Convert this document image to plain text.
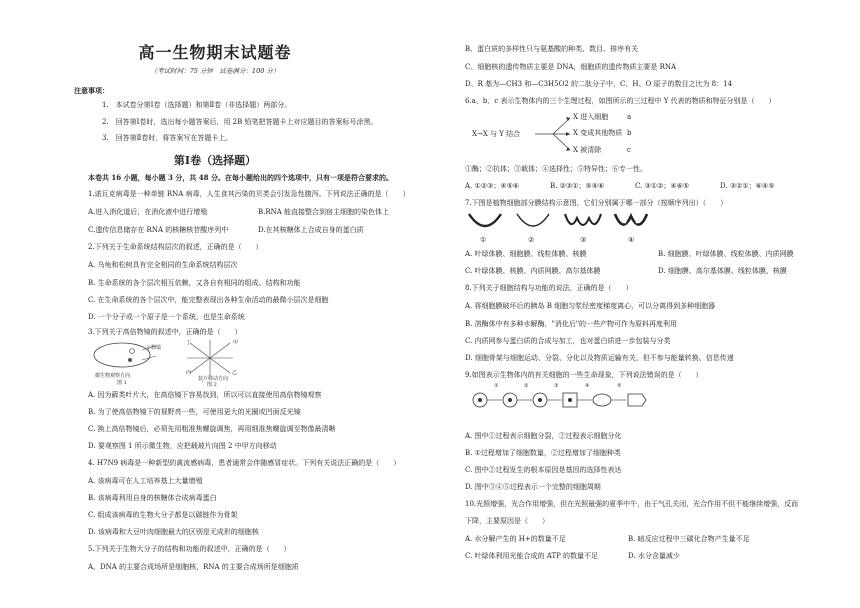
高一生物期末试题卷
（考试时间：75 分钟　试卷满分：100 分）
注意事项：
1.　本试卷分第Ⅰ卷（选择题）和第Ⅱ卷（非选择题）两部分。
2.　回答第Ⅰ卷时，选出每小题答案后，用 2B 铅笔把答题卡上对应题目的答案标号涂黑。
3.　回答第Ⅱ卷时，将答案写在答题卡上。
第Ⅰ卷（选择题）
本卷共 16 小题，每小题 3 分，共 48 分。在每小题给出的四个选项中，只有一项是符合要求的。
1.诺瓦克病毒是一种单链 RNA 病毒，人生食其污染的贝类会引发急性腹泻。下列说法正确的是（　　）
A.进入消化道后，在消化液中进行增殖	B.RNA 能直接整合到宿主细胞的染色体上
C.遗传信息储存在 RNA 的核糖核苷酸序列中	D.在其核糖体上合成自身的蛋白质
2.下列关于生命系统结构层次的叙述，正确的是（　　）
A. 乌龟和松树具有完全相同的生命系统结构层次
B. 生命系统的各个层次相互依赖，又各自有相同的组成、结构和功能
C. 在生命系统的各个层次中，能完整表现出各种生命活动的最微小层次是细胞
D. 一个分子或一个原子是一个系统，也是生命系统
3.下列关于高倍物镜的叙述中，正确的是（　　）
示物镜
微生物观察方向
图 1
甲
乙
丙
丁
装片移动方向
图 2
A. 因为藓类叶片大，在高倍镜下容易找到，所以可以直接使用高倍物镜观察
B. 为了使高倍物镜下的视野亮一些，可使用更大的光圈或凹面反光镜
C. 换上高倍物镜后，必须先用粗准焦螺旋调焦，再用细准焦螺旋调至物像最清晰
D. 要观察图 1 所示微生物，应把载玻片向图 2 中甲方向移动
4. H7N9 病毒是一种新型的禽流感病毒，患者通常会伴随感冒症状。下列有关说法正确的是（　　）
A. 该病毒可在人工培养基上大量增殖
B. 该病毒利用自身的核糖体合成病毒蛋白
C. 组成该病毒的生物大分子都是以碳链作为骨架
D. 该病毒和大豆叶肉细胞最大的区别是无成形的细胞核
5.下列关于生物大分子的结构和功能的叙述中，正确的是（　　）
A、DNA 的主要合成场所是细胞核，RNA 的主要合成场所是细胞质
B、蛋白质的多样性只与氨基酸的种类、数目、排序有关
C、细胞核的遗传物质主要是 DNA，细胞质的遗传物质主要是 RNA
D、R 基为—CH3 和—C3H5O2 的二肽分子中，C、H、O 原子的数目之比为 8：14
6.a、b、c 表示生物体内的三个生理过程，如图所示的三过程中 Y 代表的物质和特征分别是（　　）
X→X 与 Y 结合
X 进入细胞
X 变成其他物质
X 被清除
a
b
c
①酶；②抗体；③载体；④选择性；⑤特异性；⑥专一性。
A. ①②③；④⑤⑥	B. ②③①；⑤④⑥	C. ③①②；④⑥⑤	D. ③②①；⑥④⑤
7.下图是植物细胞部分膜结构示意图，它们分别属于哪一部分（按顺序列出）（　　）
①	②	③	④
A. 叶绿体膜、细胞膜、线粒体膜、核膜	B. 细胞膜、叶绿体膜、线粒体膜、内质网膜
C. 叶绿体膜、核膜、内质网膜、高尔基体膜	D. 细胞膜、高尔基体膜、线粒体膜、核膜
8.下列关于细胞结构与功能的说法，正确的是（　　）
A. 将细胞膜破坏后的胰岛 B 细胞匀浆经密度梯度离心，可以分离得到多种细胞器
B. 溶酶体中有多种水解酶，"消化后"的一些产物可作为原料再度利用
C. 内质网参与蛋白质的合成与加工，也对蛋白质进一步包装与分类
D. 细胞骨架与细胞运动、分裂、分化以及物质运输有关，但不参与能量转换、信息传递
9.如图表示生物体内的有关细胞的一些生命现象，下列说法错误的是（　　）
①	②	③	④	⑤
A. 图中①过程表示细胞分裂，②过程表示细胞分化
B. ①过程增加了细胞数量，②过程增加了细胞种类
C. 图中②过程发生的根本原因是基因的选择性表达
D. 图中③④⑤过程表示一个完整的细胞周期
10.光照增强，光合作用增强，但在光照最强的夏季中午，由于气孔关闭，光合作用不但不能继续增强，反而
下降，主要原因是（　　）
A. 水分解产生的 H+的数量不足	B. 暗反应过程中三碳化合物产生量不足
C. 叶绿体利用光能合成的 ATP 的数量不足	D. 水分含量减少
